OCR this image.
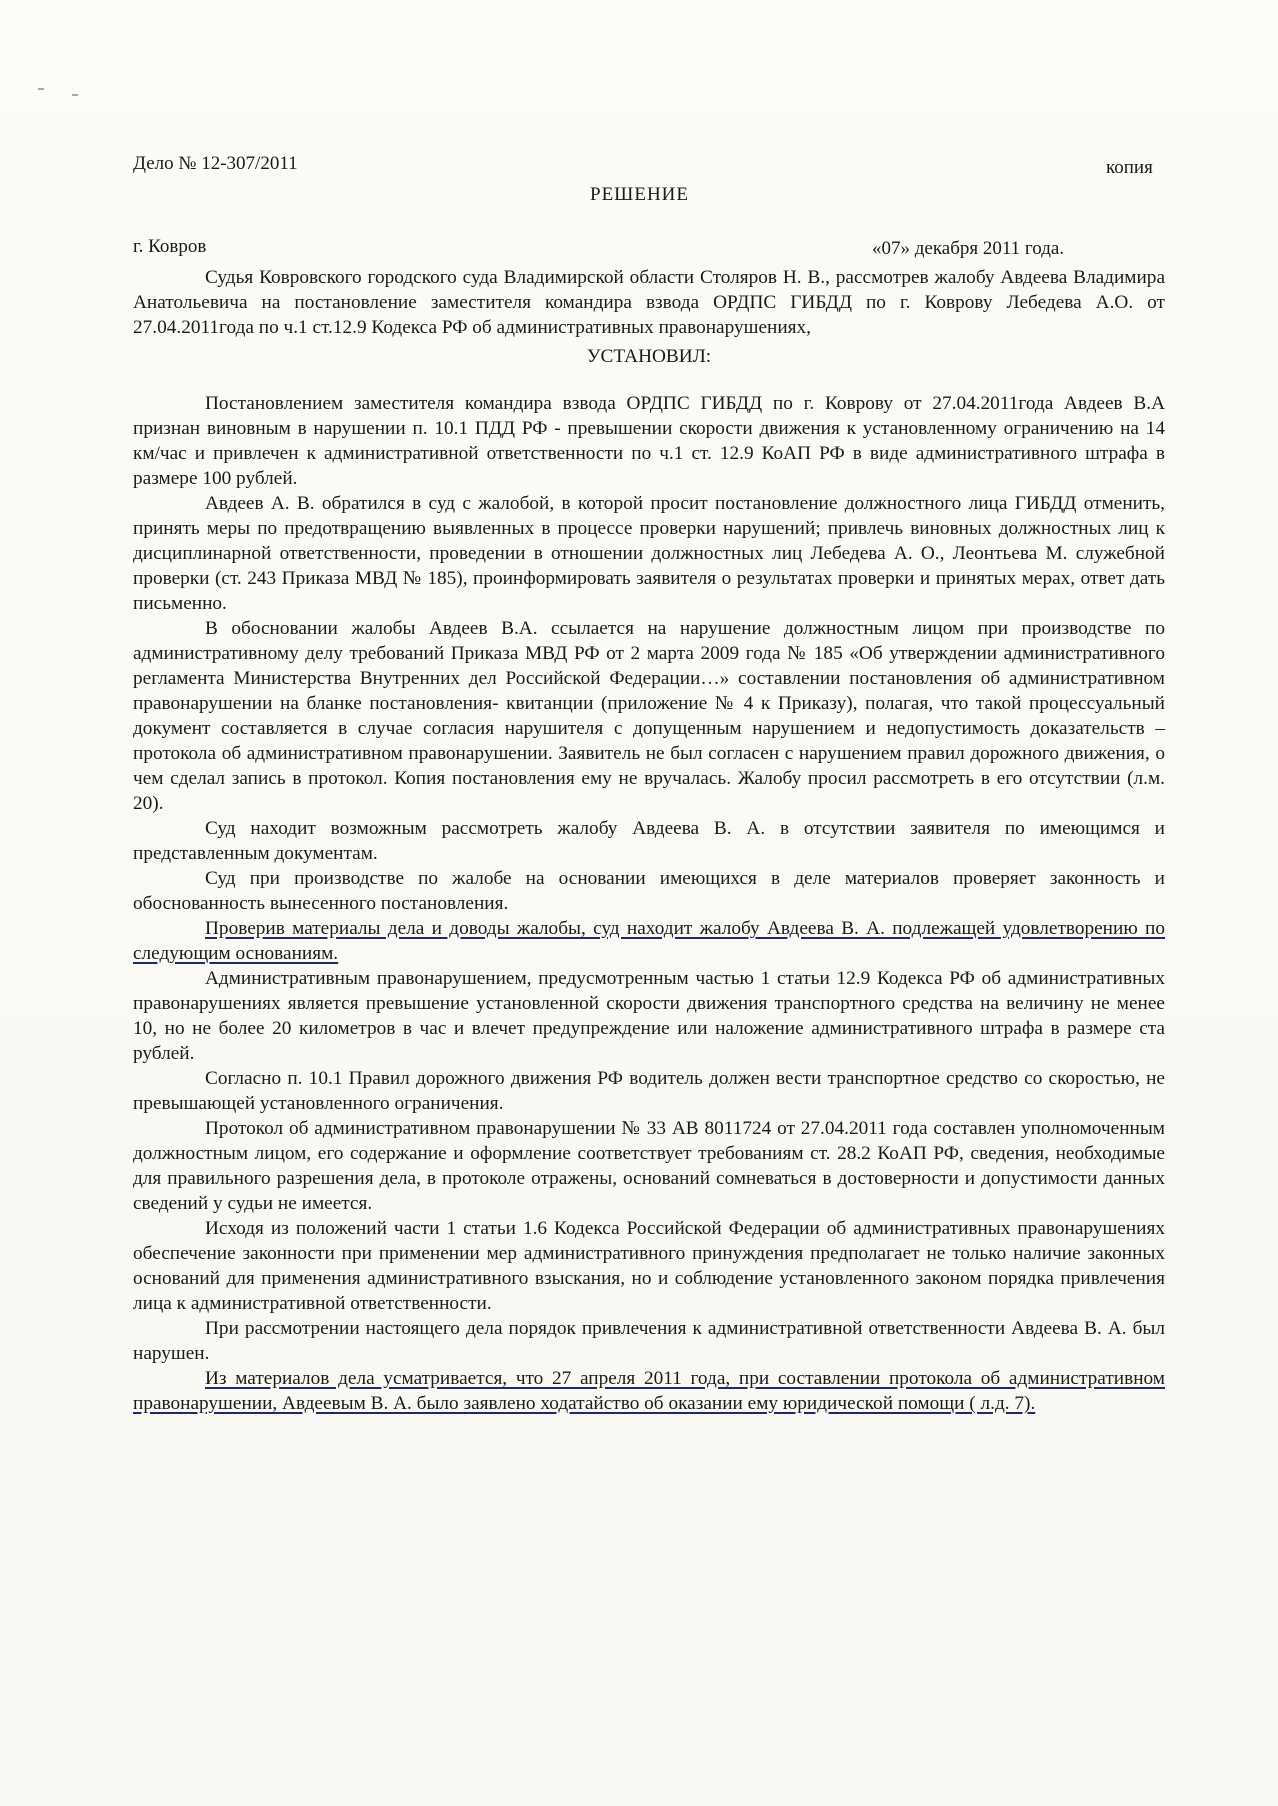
Дело № 12-307/2011	копия
РЕШЕНИЕ
г. Ковров	«07» декабря 2011 года.

Судья Ковровского городского суда Владимирской области Столяров Н. В., рассмотрев жалобу Авдеева Владимира Анатольевича на постановление заместителя командира взвода ОРДПС ГИБДД по г. Коврову Лебедева А.О. от 27.04.2011года по ч.1 ст.12.9 Кодекса РФ об административных правонарушениях,

УСТАНОВИЛ:

Постановлением заместителя командира взвода ОРДПС ГИБДД по г. Коврову от 27.04.2011года Авдеев В.А признан виновным в нарушении п. 10.1 ПДД РФ - превышении скорости движения к установленному ограничению на 14 км/час и привлечен к административной ответственности по ч.1 ст. 12.9 КоАП РФ в виде административного штрафа в размере 100 рублей.

Авдеев А. В. обратился в суд с жалобой, в которой просит постановление должностного лица ГИБДД отменить, принять меры по предотвращению выявленных в процессе проверки нарушений; привлечь виновных должностных лиц к дисциплинарной ответственности, проведении в отношении должностных лиц Лебедева А. О., Леонтьева М. служебной проверки (ст. 243 Приказа МВД № 185), проинформировать заявителя о результатах проверки и принятых мерах, ответ дать письменно.

В обосновании жалобы Авдеев В.А. ссылается на нарушение должностным лицом при производстве по административному делу требований Приказа МВД РФ от 2 марта 2009 года № 185 «Об утверждении административного регламента Министерства Внутренних дел Российской Федерации…» составлении постановления об административном правонарушении на бланке постановления- квитанции (приложение № 4 к Приказу), полагая, что такой процессуальный документ составляется в случае согласия нарушителя с допущенным нарушением и недопустимость доказательств – протокола об административном правонарушении. Заявитель не был согласен с нарушением правил дорожного движения, о чем сделал запись в протокол. Копия постановления ему не вручалась. Жалобу просил рассмотреть в его отсутствии (л.м. 20).

Суд находит возможным рассмотреть жалобу Авдеева В. А. в отсутствии заявителя по имеющимся и представленным документам.

Суд при производстве по жалобе на основании имеющихся в деле материалов проверяет законность и обоснованность вынесенного постановления.

Проверив материалы дела и доводы жалобы, суд находит жалобу Авдеева В. А. подлежащей удовлетворению по следующим основаниям.

Административным правонарушением, предусмотренным частью 1 статьи 12.9 Кодекса РФ об административных правонарушениях является превышение установленной скорости движения транспортного средства на величину не менее 10, но не более 20 километров в час и влечет предупреждение или наложение административного штрафа в размере ста рублей.

Согласно п. 10.1 Правил дорожного движения РФ водитель должен вести транспортное средство со скоростью, не превышающей установленного ограничения.

Протокол об административном правонарушении № 33 АВ 8011724 от 27.04.2011 года составлен уполномоченным должностным лицом, его содержание и оформление соответствует требованиям ст. 28.2 КоАП РФ, сведения, необходимые для правильного разрешения дела, в протоколе отражены, оснований сомневаться в достоверности и допустимости данных сведений у судьи не имеется.

Исходя из положений части 1 статьи 1.6 Кодекса Российской Федерации об административных правонарушениях обеспечение законности при применении мер административного принуждения предполагает не только наличие законных оснований для применения административного взыскания, но и соблюдение установленного законом порядка привлечения лица к административной ответственности.

При рассмотрении настоящего дела порядок привлечения к административной ответственности Авдеева В. А. был нарушен.

Из материалов дела усматривается, что 27 апреля 2011 года, при составлении протокола об административном правонарушении, Авдеевым В. А. было заявлено ходатайство об оказании ему юридической помощи ( л.д. 7).
